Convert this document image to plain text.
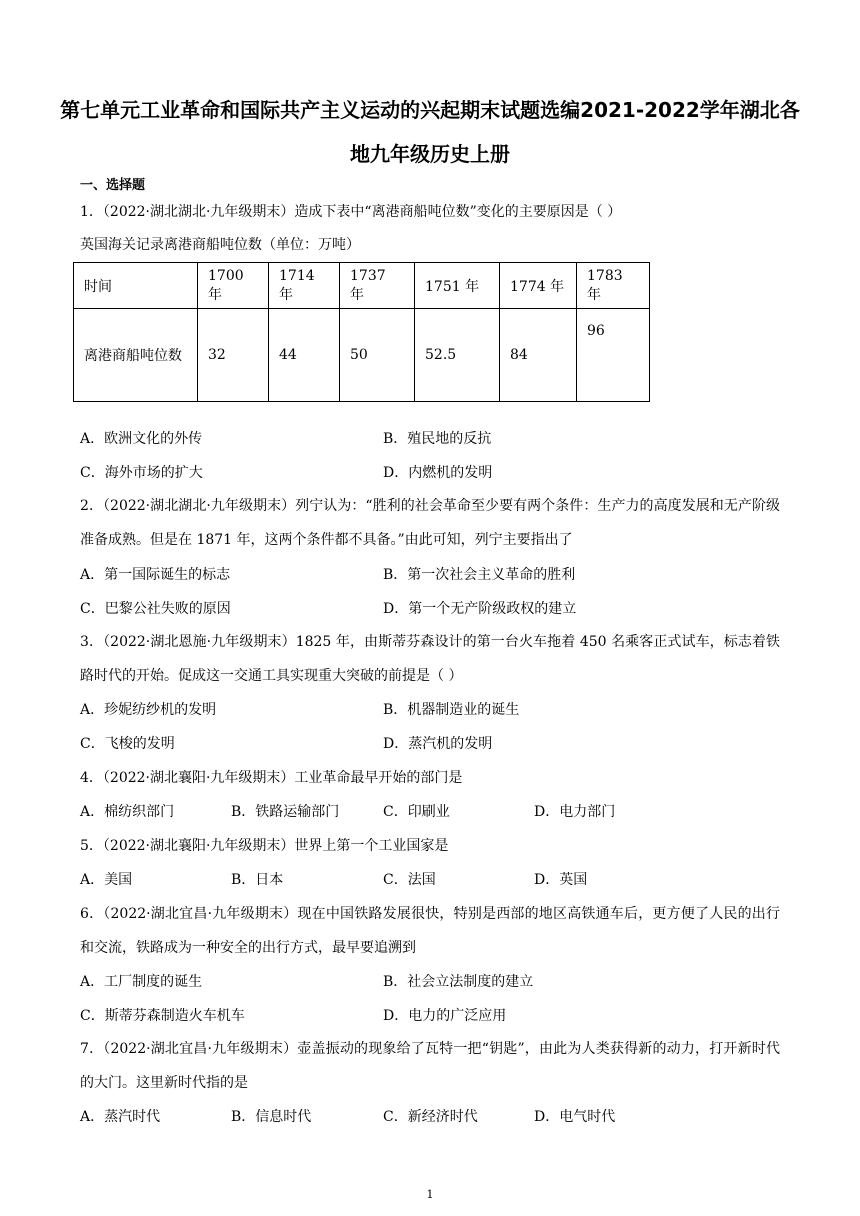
第七单元工业革命和国际共产主义运动的兴起期末试题选编2021-2022学年湖北各地九年级历史上册
一、选择题
1．（2022·湖北湖北·九年级期末）造成下表中“离港商船吨位数”变化的主要原因是（ ）
英国海关记录离港商船吨位数（单位：万吨）
时间	1700 年	1714 年	1737 年	1751 年	1774 年	1783 年
离港商船吨位数	32	44	50	52.5	84	96
A．欧洲文化的外传	B．殖民地的反抗
C．海外市场的扩大	D．内燃机的发明
2．（2022·湖北湖北·九年级期末）列宁认为：“胜利的社会革命至少要有两个条件：生产力的高度发展和无产阶级准备成熟。但是在 1871 年，这两个条件都不具备。”由此可知，列宁主要指出了
A．第一国际诞生的标志	B．第一次社会主义革命的胜利
C．巴黎公社失败的原因	D．第一个无产阶级政权的建立
3．（2022·湖北恩施·九年级期末）1825 年，由斯蒂芬森设计的第一台火车拖着 450 名乘客正式试车，标志着铁路时代的开始。促成这一交通工具实现重大突破的前提是（ ）
A．珍妮纺纱机的发明	B．机器制造业的诞生
C．飞梭的发明	D．蒸汽机的发明
4．（2022·湖北襄阳·九年级期末）工业革命最早开始的部门是
A．棉纺织部门	B．铁路运输部门	C．印刷业	D．电力部门
5．（2022·湖北襄阳·九年级期末）世界上第一个工业国家是
A．美国	B．日本	C．法国	D．英国
6．（2022·湖北宜昌·九年级期末）现在中国铁路发展很快，特别是西部的地区高铁通车后，更方便了人民的出行和交流，铁路成为一种安全的出行方式，最早要追溯到
A．工厂制度的诞生	B．社会立法制度的建立
C．斯蒂芬森制造火车机车	D．电力的广泛应用
7．（2022·湖北宜昌·九年级期末）壶盖振动的现象给了瓦特一把“钥匙”，由此为人类获得新的动力，打开新时代的大门。这里新时代指的是
A．蒸汽时代	B．信息时代	C．新经济时代	D．电气时代
1
